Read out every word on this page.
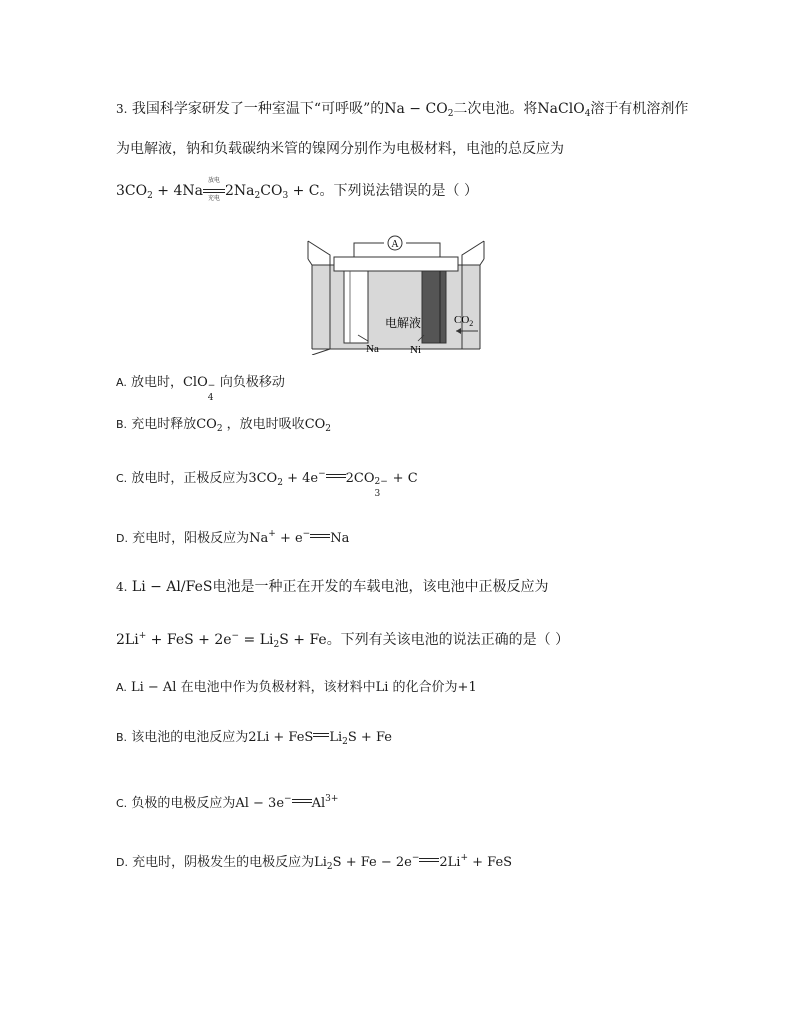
3. 我国科学家研发了一种室温下“可呼吸”的$Na - CO_2$二次电池。将NaClO$_4$溶于有机溶剂作
为电解液，钠和负载碳纳米管的镍网分别作为电极材料，电池的总反应为
$3CO_2 + 4Na$
放电
充电 $2Na_2CO_3 + C$。下列说法错误的是（ ）
A
电解液	$CO_2$
Na	Ni
A. 放电时，ClO −
4
向负极移动
B. 充电时释放$CO_2$ ，放电时吸收$CO_2$
C. 放电时，正极反应为$3CO_2 + 4e^-$ 2CO 2−
3
+ C
D. 充电时，阳极反应为Na+ + e− Na
4. Li − Al/FeS电池是一种正在开发的车载电池，该电池中正极反应为
2Li+ + FeS + $2e^- = Li_2S + Fe$。下列有关该电池的说法正确的是（ ）
A. Li − Al 在电池中作为负极材料，该材料中Li 的化合价为+1
B. 该电池的电池反应为2Li + FeS $Li_2S + Fe$
C. 负极的电极反应为Al − 3e− $Al^{3+}$
D. 充电时，阴极发生的电极反应为$Li_2S + Fe - 2e^-$ 2Li+ + FeS
